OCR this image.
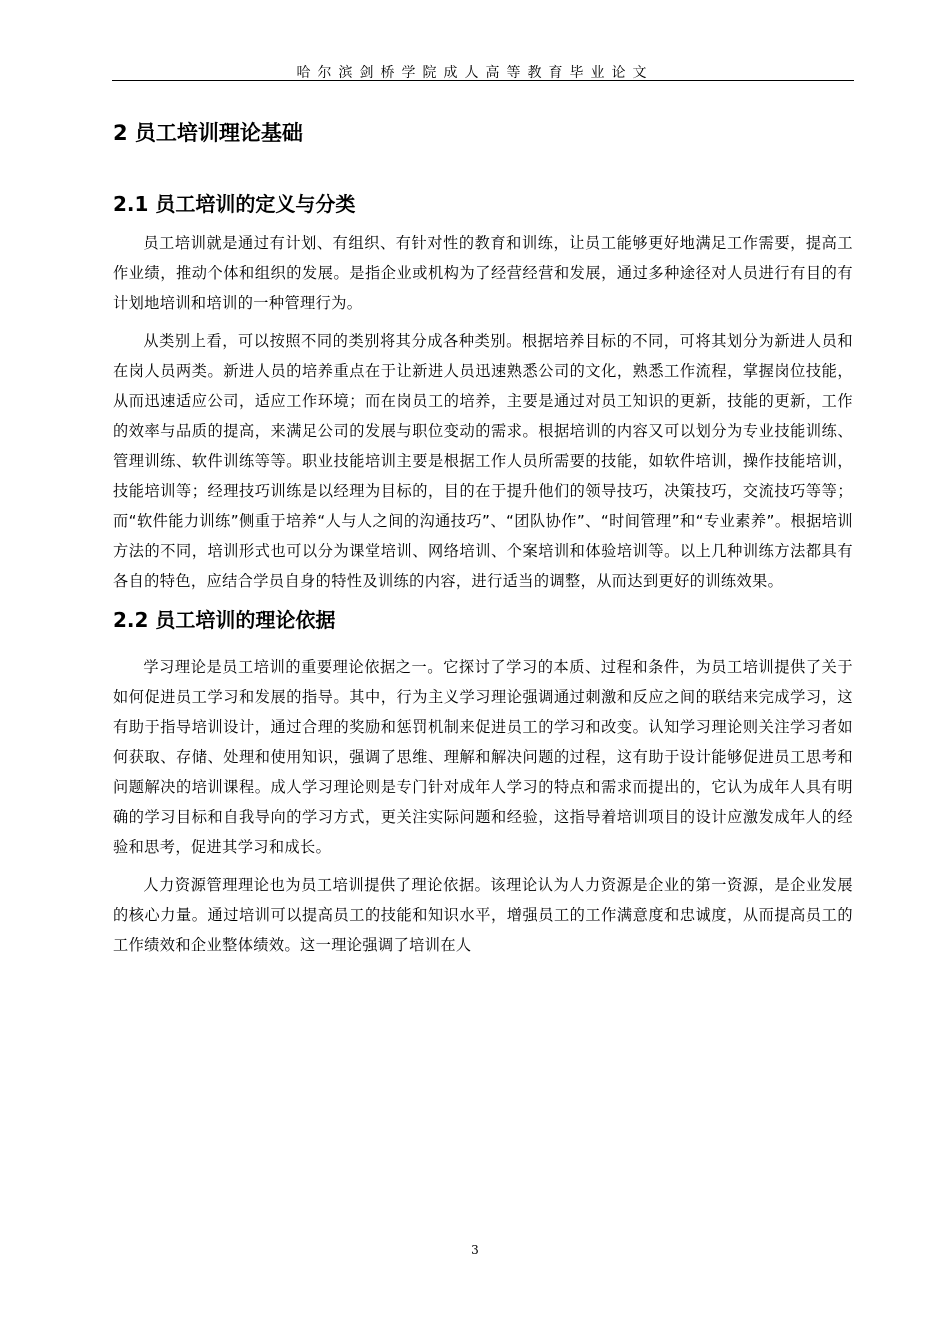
哈尔滨剑桥学院成人高等教育毕业论文
2 员工培训理论基础
2.1 员工培训的定义与分类

员工培训就是通过有计划、有组织、有针对性的教育和训练，让员工能够更好地满足工作需要，提高工作业绩，推动个体和组织的发展。是指企业或机构为了经营经营和发展，通过多种途径对人员进行有目的有计划地培训和培训的一种管理行为。

从类别上看，可以按照不同的类别将其分成各种类别。根据培养目标的不同，可将其划分为新进人员和在岗人员两类。新进人员的培养重点在于让新进人员迅速熟悉公司的文化，熟悉工作流程，掌握岗位技能，从而迅速适应公司，适应工作环境；而在岗员工的培养，主要是通过对员工知识的更新，技能的更新，工作的效率与品质的提高，来满足公司的发展与职位变动的需求。根据培训的内容又可以划分为专业技能训练、管理训练、软件训练等等。职业技能培训主要是根据工作人员所需要的技能，如软件培训，操作技能培训，技能培训等；经理技巧训练是以经理为目标的，目的在于提升他们的领导技巧，决策技巧，交流技巧等等；而“软件能力训练”侧重于培养“人与人之间的沟通技巧”、“团队协作”、“时间管理”和“专业素养”。根据培训方法的不同，培训形式也可以分为课堂培训、网络培训、个案培训和体验培训等。以上几种训练方法都具有各自的特色，应结合学员自身的特性及训练的内容，进行适当的调整，从而达到更好的训练效果。

2.2 员工培训的理论依据

学习理论是员工培训的重要理论依据之一。它探讨了学习的本质、过程和条件，为员工培训提供了关于如何促进员工学习和发展的指导。其中，行为主义学习理论强调通过刺激和反应之间的联结来完成学习，这有助于指导培训设计，通过合理的奖励和惩罚机制来促进员工的学习和改变。认知学习理论则关注学习者如何获取、存储、处理和使用知识，强调了思维、理解和解决问题的过程，这有助于设计能够促进员工思考和问题解决的培训课程。成人学习理论则是专门针对成年人学习的特点和需求而提出的，它认为成年人具有明确的学习目标和自我导向的学习方式，更关注实际问题和经验，这指导着培训项目的设计应激发成年人的经验和思考，促进其学习和成长。

人力资源管理理论也为员工培训提供了理论依据。该理论认为人力资源是企业的第一资源，是企业发展的核心力量。通过培训可以提高员工的技能和知识水平，增强员工的工作满意度和忠诚度，从而提高员工的工作绩效和企业整体绩效。这一理论强调了培训在人

3
